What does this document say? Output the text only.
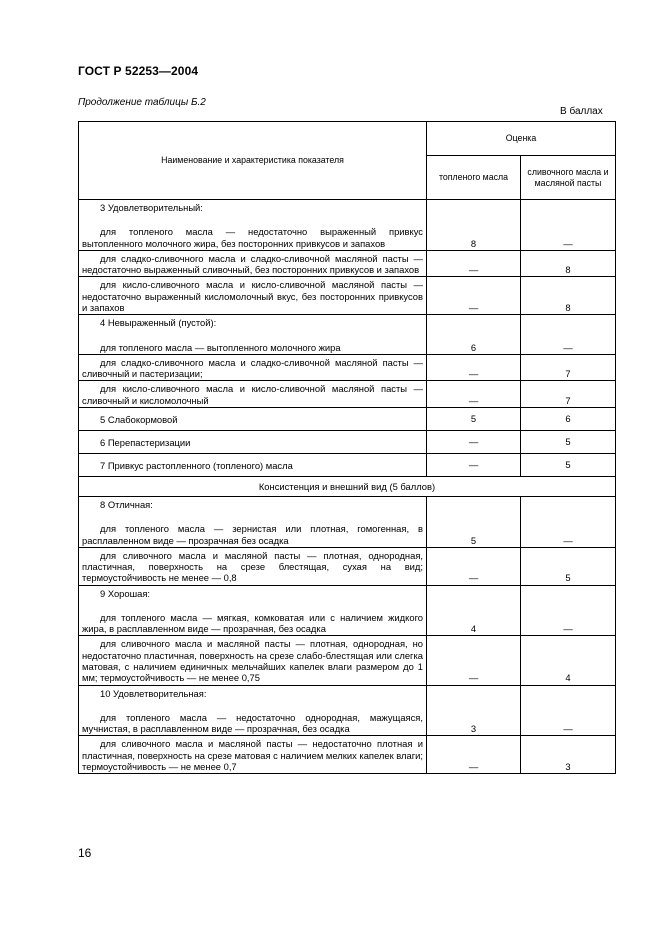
ГОСТ Р 52253—2004
Продолжение таблицы Б.2
В баллах
Наименование и характеристика показателя	Оценка	
	топленого масла	сливочного масла и масляной пасты

3 Удовлетворительный:

для топленого масла — недостаточно выраженный привкус вытопленного молочного жира, без посторонних привкусов и запахов	8	—

для сладко-сливочного масла и сладко-сливочной масляной пасты — недостаточно выраженный сливочный, без посторонних привкусов и запахов	—	8

для кисло-сливочного масла и кисло-сливочной масляной пасты — недостаточно выраженный кисломолочный вкус, без посторонних привкусов и запахов	—	8

4 Невыраженный (пустой):

для топленого масла — вытопленного молочного жира	6	—

для сладко-сливочного масла и сладко-сливочной масляной пасты — сливочный и пастеризации;	—	7

для кисло-сливочного масла и кисло-сливочной масляной пасты — сливочный и кисломолочный	—	7

5 Слабокормовой	5	6

6 Перепастеризации	—	5

7 Привкус растопленного (топленого) масла	—	5
Консистенция и внешний вид (5 баллов)		

8 Отличная:

для топленого масла — зернистая или плотная, гомогенная, в расплавленном виде — прозрачная без осадка	5	—

для сливочного масла и масляной пасты — плотная, однородная, пластичная, поверхность на срезе блестящая, сухая на вид; термоустойчивость не менее — 0,8	—	5

9 Хорошая:

для топленого масла — мягкая, комковатая или с наличием жидкого жира, в расплавленном виде — прозрачная, без осадка	4	—

для сливочного масла и масляной пасты — плотная, однородная, но недостаточно пластичная, поверхность на срезе слабо-блестящая или слегка матовая, с наличием единичных мельчайших капелек влаги размером до 1 мм; термоустойчивость — не менее 0,75	—	4

10 Удовлетворительная:

для топленого масла — недостаточно однородная, мажущаяся, мучнистая, в расплавленном виде — прозрачная, без осадка	3	—

для сливочного масла и масляной пасты — недостаточно плотная и пластичная, поверхность на срезе матовая с наличием мелких капелек влаги; термоустойчивость — не менее 0,7	—	3
16
